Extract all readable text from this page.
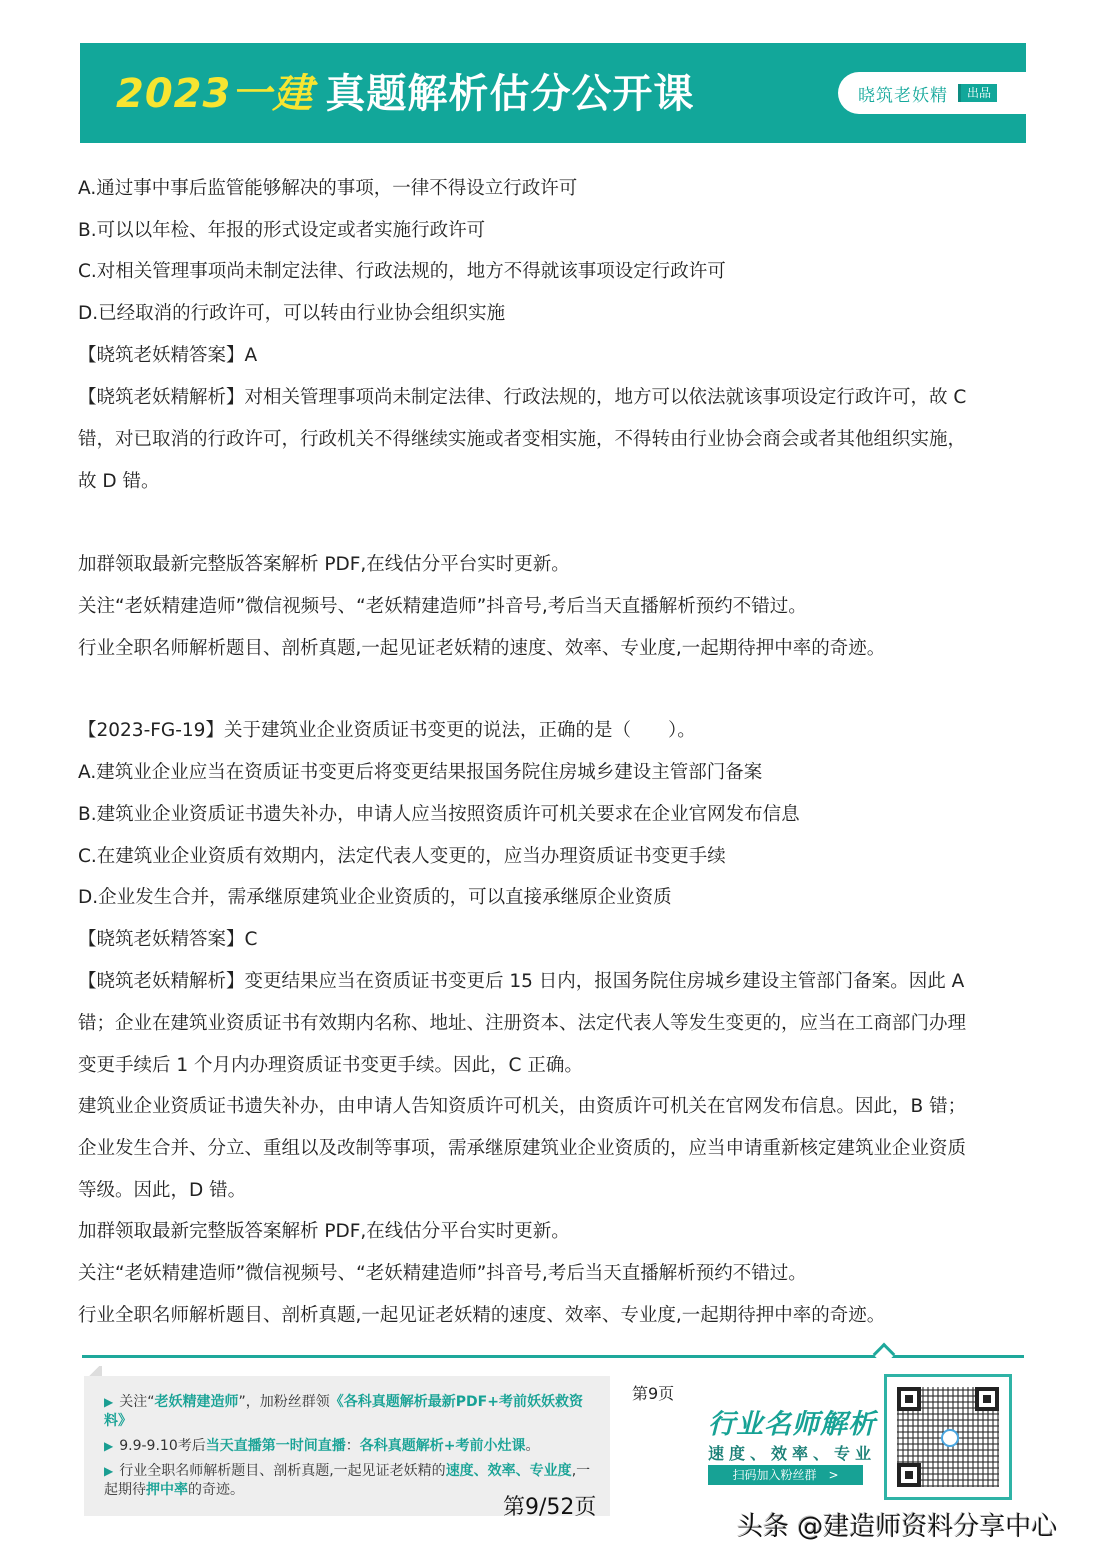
2023一建 真题解析估分公开课	晓筑老妖精	出品
A.通过事中事后监管能够解决的事项，一律不得设立行政许可
B.可以以年检、年报的形式设定或者实施行政许可
C.对相关管理事项尚未制定法律、行政法规的，地方不得就该事项设定行政许可
D.已经取消的行政许可，可以转由行业协会组织实施
【晓筑老妖精答案】A
【晓筑老妖精解析】对相关管理事项尚未制定法律、行政法规的，地方可以依法就该事项设定行政许可，故 C
错，对已取消的行政许可，行政机关不得继续实施或者变相实施，不得转由行业协会商会或者其他组织实施，
故 D 错。
加群领取最新完整版答案解析 PDF,在线估分平台实时更新。
关注“老妖精建造师”微信视频号、“老妖精建造师”抖音号,考后当天直播解析预约不错过。
行业全职名师解析题目、剖析真题,一起见证老妖精的速度、效率、专业度,一起期待押中率的奇迹。
【2023-FG-19】关于建筑业企业资质证书变更的说法，正确的是（　　）。
A.建筑业企业应当在资质证书变更后将变更结果报国务院住房城乡建设主管部门备案
B.建筑业企业资质证书遗失补办，申请人应当按照资质许可机关要求在企业官网发布信息
C.在建筑业企业资质有效期内，法定代表人变更的，应当办理资质证书变更手续
D.企业发生合并，需承继原建筑业企业资质的，可以直接承继原企业资质
【晓筑老妖精答案】C
【晓筑老妖精解析】变更结果应当在资质证书变更后 15 日内，报国务院住房城乡建设主管部门备案。因此 A
错；企业在建筑业资质证书有效期内名称、地址、注册资本、法定代表人等发生变更的，应当在工商部门办理
变更手续后 1 个月内办理资质证书变更手续。因此，C 正确。
建筑业企业资质证书遗失补办，由申请人告知资质许可机关，由资质许可机关在官网发布信息。因此，B 错；
企业发生合并、分立、重组以及改制等事项，需承继原建筑业企业资质的，应当申请重新核定建筑业企业资质
等级。因此，D 错。
加群领取最新完整版答案解析 PDF,在线估分平台实时更新。
关注“老妖精建造师”微信视频号、“老妖精建造师”抖音号,考后当天直播解析预约不错过。
行业全职名师解析题目、剖析真题,一起见证老妖精的速度、效率、专业度,一起期待押中率的奇迹。
▶ 关注“老妖精建造师”，加粉丝群领《各科真题解析最新PDF+考前妖妖救资料》
▶ 9.9-9.10考后当天直播第一时间直播：各科真题解析+考前小灶课。
▶ 行业全职名师解析题目、剖析真题,一起见证老妖精的速度、效率、专业度,一起期待押中率的奇迹。
第9/52页
第9页
行业名师解析
速度、效率、专业
扫码加入粉丝群　>
头条 @建造师资料分享中心
